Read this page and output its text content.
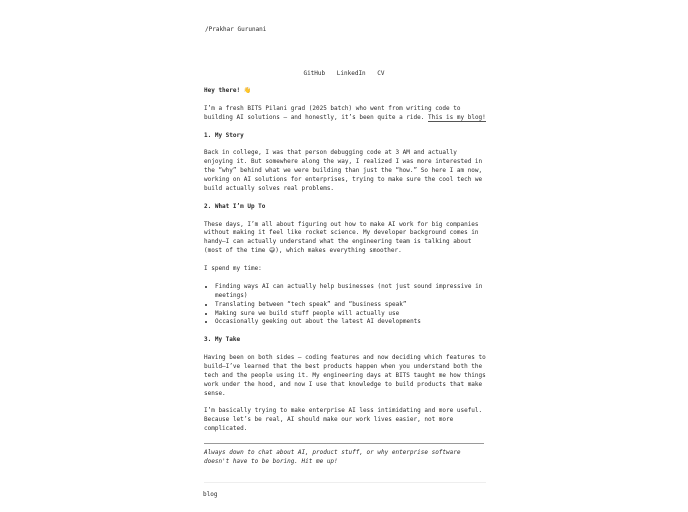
/Prakhar Gurunani
GitHub LinkedIn CV

Hey there! 👋

I’m a fresh BITS Pilani grad (2025 batch) who went from writing code to building AI solutions — and honestly, it’s been quite a ride. This is my blog!

1. My Story

Back in college, I was that person debugging code at 3 AM and actually enjoying it. But somewhere along the way, I realized I was more interested in the “why” behind what we were building than just the “how.” So here I am now, working on AI solutions for enterprises, trying to make sure the cool tech we build actually solves real problems.

2. What I’m Up To

These days, I’m all about figuring out how to make AI work for big companies without making it feel like rocket science. My developer background comes in handy—I can actually understand what the engineering team is talking about (most of the time 😅), which makes everything smoother.

I spend my time:

• Finding ways AI can actually help businesses (not just sound impressive in meetings)
• Translating between “tech speak” and “business speak”
• Making sure we build stuff people will actually use
• Occasionally geeking out about the latest AI developments
3. My Take

Having been on both sides — coding features and now deciding which features to build—I’ve learned that the best products happen when you understand both the tech and the people using it. My engineering days at BITS taught me how things work under the hood, and now I use that knowledge to build products that make sense.

I’m basically trying to make enterprise AI less intimidating and more useful. Because let’s be real, AI should make our work lives easier, not more complicated.

Always down to chat about AI, product stuff, or why enterprise software doesn't have to be boring. Hit me up!

blog
